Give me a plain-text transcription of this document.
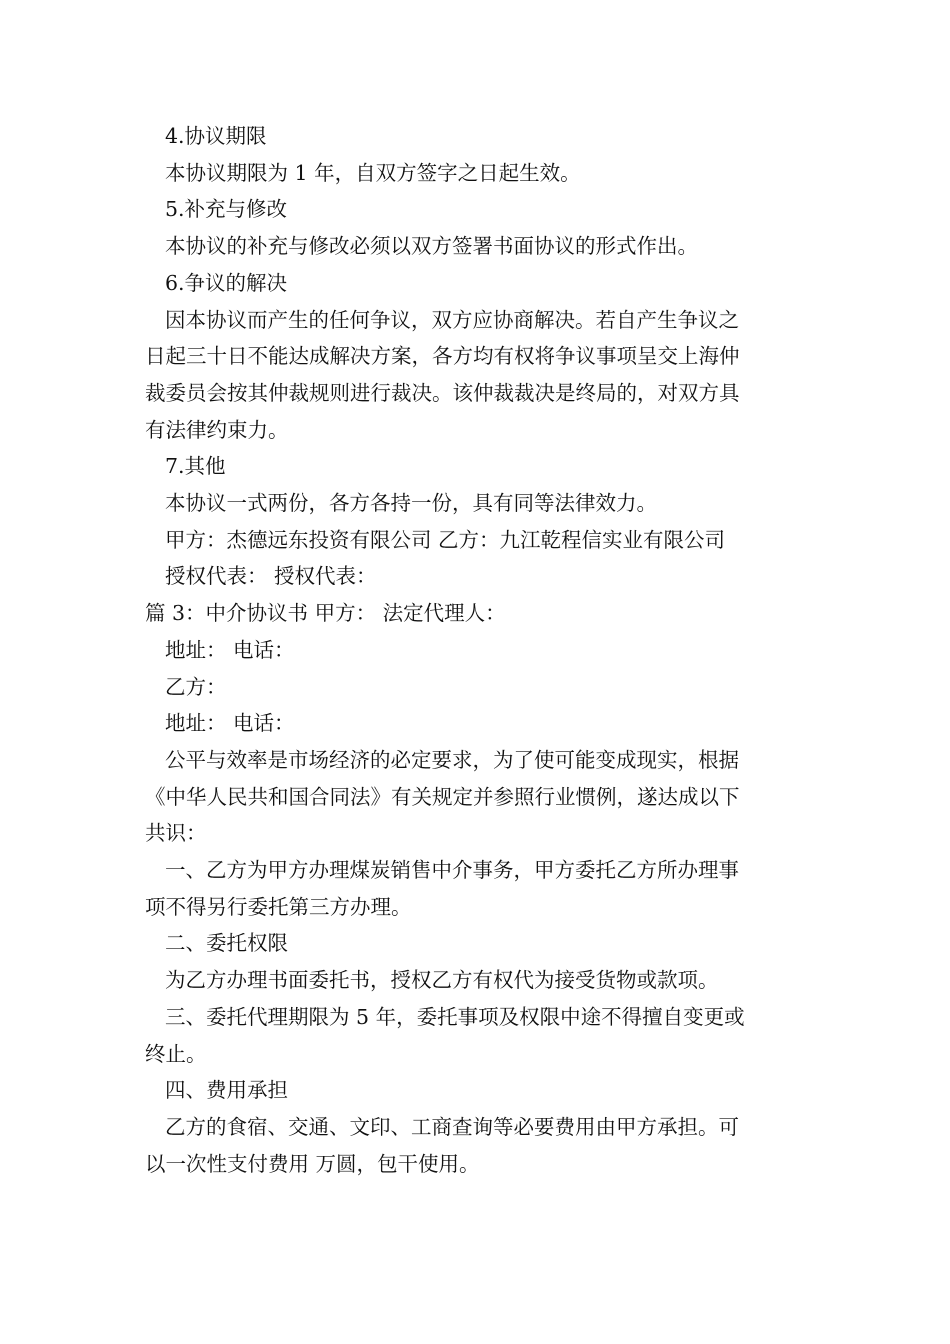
4.协议期限

本协议期限为 1 年，自双方签字之日起生效。

5.补充与修改

本协议的补充与修改必须以双方签署书面协议的形式作出。

6.争议的解决

因本协议而产生的任何争议，双方应协商解决。若自产生争议之

日起三十日不能达成解决方案，各方均有权将争议事项呈交上海仲

裁委员会按其仲裁规则进行裁决。该仲裁裁决是终局的，对双方具

有法律约束力。

7.其他

本协议一式两份，各方各持一份，具有同等法律效力。

甲方：杰德远东投资有限公司 乙方：九江乾程信实业有限公司

授权代表： 授权代表：

篇 3：中介协议书 甲方： 法定代理人：

地址： 电话：

乙方：

地址： 电话：

公平与效率是市场经济的必定要求，为了使可能变成现实，根据

《中华人民共和国合同法》有关规定并参照行业惯例，遂达成以下

共识：

一、乙方为甲方办理煤炭销售中介事务，甲方委托乙方所办理事

项不得另行委托第三方办理。

二、委托权限

为乙方办理书面委托书，授权乙方有权代为接受货物或款项。

三、委托代理期限为 5 年，委托事项及权限中途不得擅自变更或

终止。

四、费用承担

乙方的食宿、交通、文印、工商查询等必要费用由甲方承担。可

以一次性支付费用 万圆，包干使用。
